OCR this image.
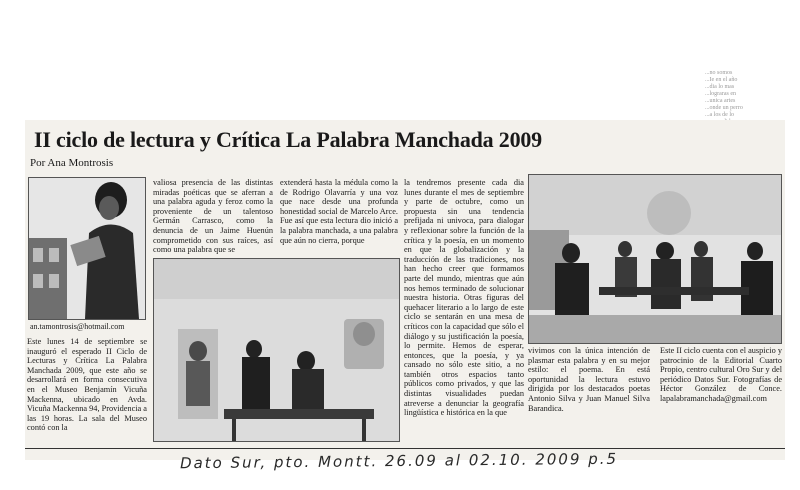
...no somos
...Ie en el año
...dia lo mas
...lograras en
...unica artes
...onde un perro
...a los de lo
II ciclo de lectura y Crítica La Palabra Manchada 2009
Por Ana Montrosis
an.tamontrosis@hotmail.com

Este lunes 14 de septiembre se inauguró el esperado II Ciclo de Lecturas y Crítica La Palabra Manchada 2009, que este año se desarrollará en forma consecutiva en el Museo Benjamín Vicuña Mackenna, ubicado en Avda. Vicuña Mackenna 94, Providencia a las 19 horas. La sala del Museo contó con la

valiosa presencia de las distintas miradas poéticas que se aferran a una palabra aguda y feroz como la proveniente de un talentoso Germán Carrasco, como la denuncia de un Jaime Huenún comprometido con sus raíces, así como una palabra que se

extenderá hasta la médula como la de Rodrigo Olavarría y una voz que nace desde una profunda honestidad social de Marcelo Arce. Fue así que esta lectura dio inició a la palabra manchada, a una palabra que aún no cierra, porque

la tendremos presente cada dia lunes durante el mes de septiembre y parte de octubre, como un propuesta sin una tendencia prefijada ni univoca, para dialogar y reflexionar sobre la función de la crítica y la poesía, en un momento en que la globalización y la traducción de las tradiciones, nos han hecho creer que formamos parte del mundo, mientras que aún nos hemos terminado de solucionar nuestra historia. Otras figuras del quehacer literario a lo largo de este ciclo se sentarán en una mesa de críticos con la capacidad que sólo el diálogo y su justificación la poesía, lo permite. Hemos de esperar, entonces, que la poesía, y ya cansado no sólo este sitio, a no también otros espacios tanto públicos como privados, y que las distintas visualidades puedan atreverse a denunciar la geografía lingüística e histórica en la que

vivimos con la única intención de plasmar esta palabra y en su mejor estilo: el poema. En está oportunidad la lectura estuvo dirigida por los destacados poetas Antonio Silva y Juan Manuel Silva Barandica.

Este II ciclo cuenta con el auspicio y patrocinio de la Editorial Cuarto Propio, centro cultural Oro Sur y del periódico Datos Sur. Fotografías de Héctor González de Conce. lapalabramanchada@gmail.com

Dato Sur, pto. Montt. 26.09 al 02.10. 2009 p.5
